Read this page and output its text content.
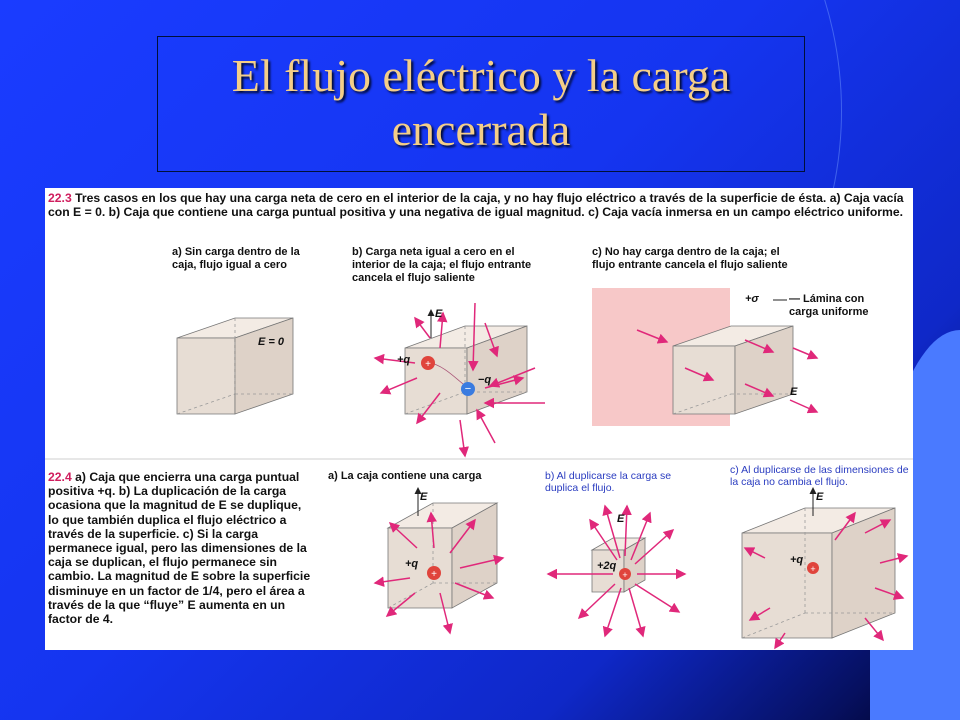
El flujo eléctrico y la carga encerrada
22.3 Tres casos en los que hay una carga neta de cero en el interior de la caja, y no hay flujo eléctrico a través de la superficie de ésta. a) Caja vacía con E = 0. b) Caja que contiene una carga puntual positiva y una negativa de igual magnitud. c) Caja vacía inmersa en un campo eléctrico uniforme.
a) Sin carga dentro de la caja, flujo igual a cero
b) Carga neta igual a cero en el interior de la caja; el flujo entrante cancela el flujo saliente
c) No hay carga dentro de la caja; el flujo entrante cancela el flujo saliente
+
−
+	+
+
E = 0
E
+q
−q
+σ	— Lámina con carga uniforme
E
22.4 a) Caja que encierra una carga puntual positiva +q. b) La duplicación de la carga ocasiona que la magnitud de E se duplique, lo que también duplica el flujo eléctrico a través de la superficie. c) Si la carga permanece igual, pero las dimensiones de la caja se duplican, el flujo permanece sin cambio. La magnitud de E sobre la superficie disminuye en un factor de 1/4, pero el área a través de la que “fluye” E aumenta en un factor de 4.
a) La caja contiene una carga	b) Al duplicarse la carga se duplica el flujo.
c) Al duplicarse de las dimensiones de la caja no cambia el flujo.
E
+q
E
+2q
E
+q
